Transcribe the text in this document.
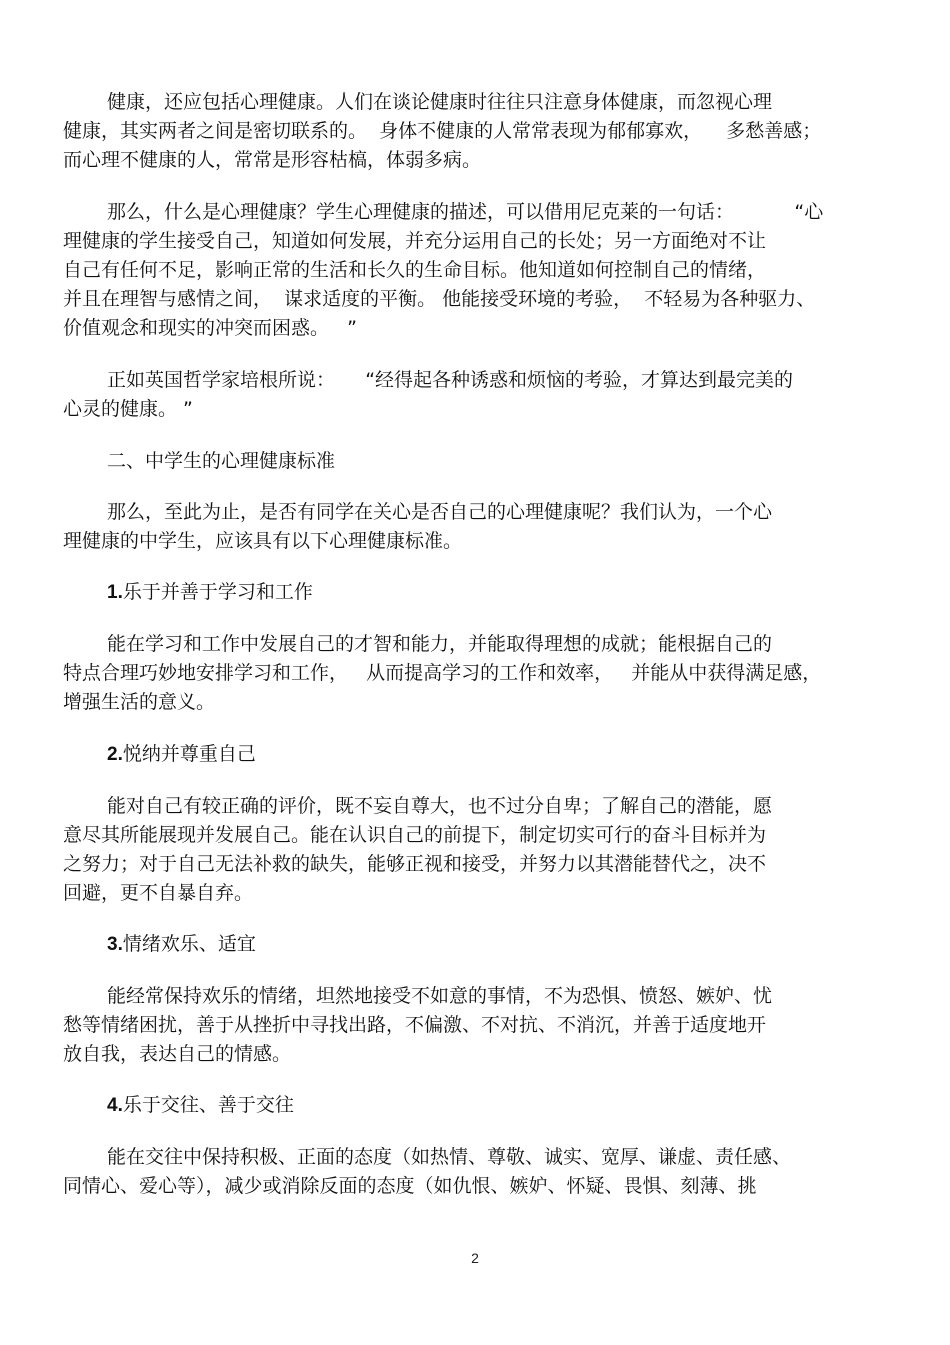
健康，还应包括心理健康。人们在谈论健康时往往只注意身体健康，而忽视心理
健康，其实两者之间是密切联系的。  身体不健康的人常常表现为郁郁寡欢，    多愁善感；
而心理不健康的人，常常是形容枯槁，体弱多病。
那么，什么是心理健康？学生心理健康的描述，可以借用尼克莱的一句话：          “心
理健康的学生接受自己，知道如何发展，并充分运用自己的长处；另一方面绝对不让
自己有任何不足，影响正常的生活和长久的生命目标。他知道如何控制自己的情绪，
并且在理智与感情之间，  谋求适度的平衡。 他能接受环境的考验，  不轻易为各种驱力、
价值观念和现实的冲突而困惑。   ”
正如英国哲学家培根所说：     “经得起各种诱惑和烦恼的考验，才算达到最完美的
心灵的健康。 ”
二、中学生的心理健康标准
那么，至此为止，是否有同学在关心是否自己的心理健康呢？我们认为，一个心
理健康的中学生，应该具有以下心理健康标准。
1.乐于并善于学习和工作
能在学习和工作中发展自己的才智和能力，并能取得理想的成就；能根据自己的
特点合理巧妙地安排学习和工作，   从而提高学习的工作和效率，   并能从中获得满足感，
增强生活的意义。
2.悦纳并尊重自己
能对自己有较正确的评价，既不妄自尊大，也不过分自卑；了解自己的潜能，愿
意尽其所能展现并发展自己。能在认识自己的前提下，制定切实可行的奋斗目标并为
之努力；对于自己无法补救的缺失，能够正视和接受，并努力以其潜能替代之，决不
回避，更不自暴自弃。
3.情绪欢乐、适宜
能经常保持欢乐的情绪，坦然地接受不如意的事情，不为恐惧、愤怒、嫉妒、忧
愁等情绪困扰，善于从挫折中寻找出路，不偏激、不对抗、不消沉，并善于适度地开
放自我，表达自己的情感。
4.乐于交往、善于交往
能在交往中保持积极、正面的态度（如热情、尊敬、诚实、宽厚、谦虚、责任感、
同情心、爱心等），减少或消除反面的态度（如仇恨、嫉妒、怀疑、畏惧、刻薄、挑
2
